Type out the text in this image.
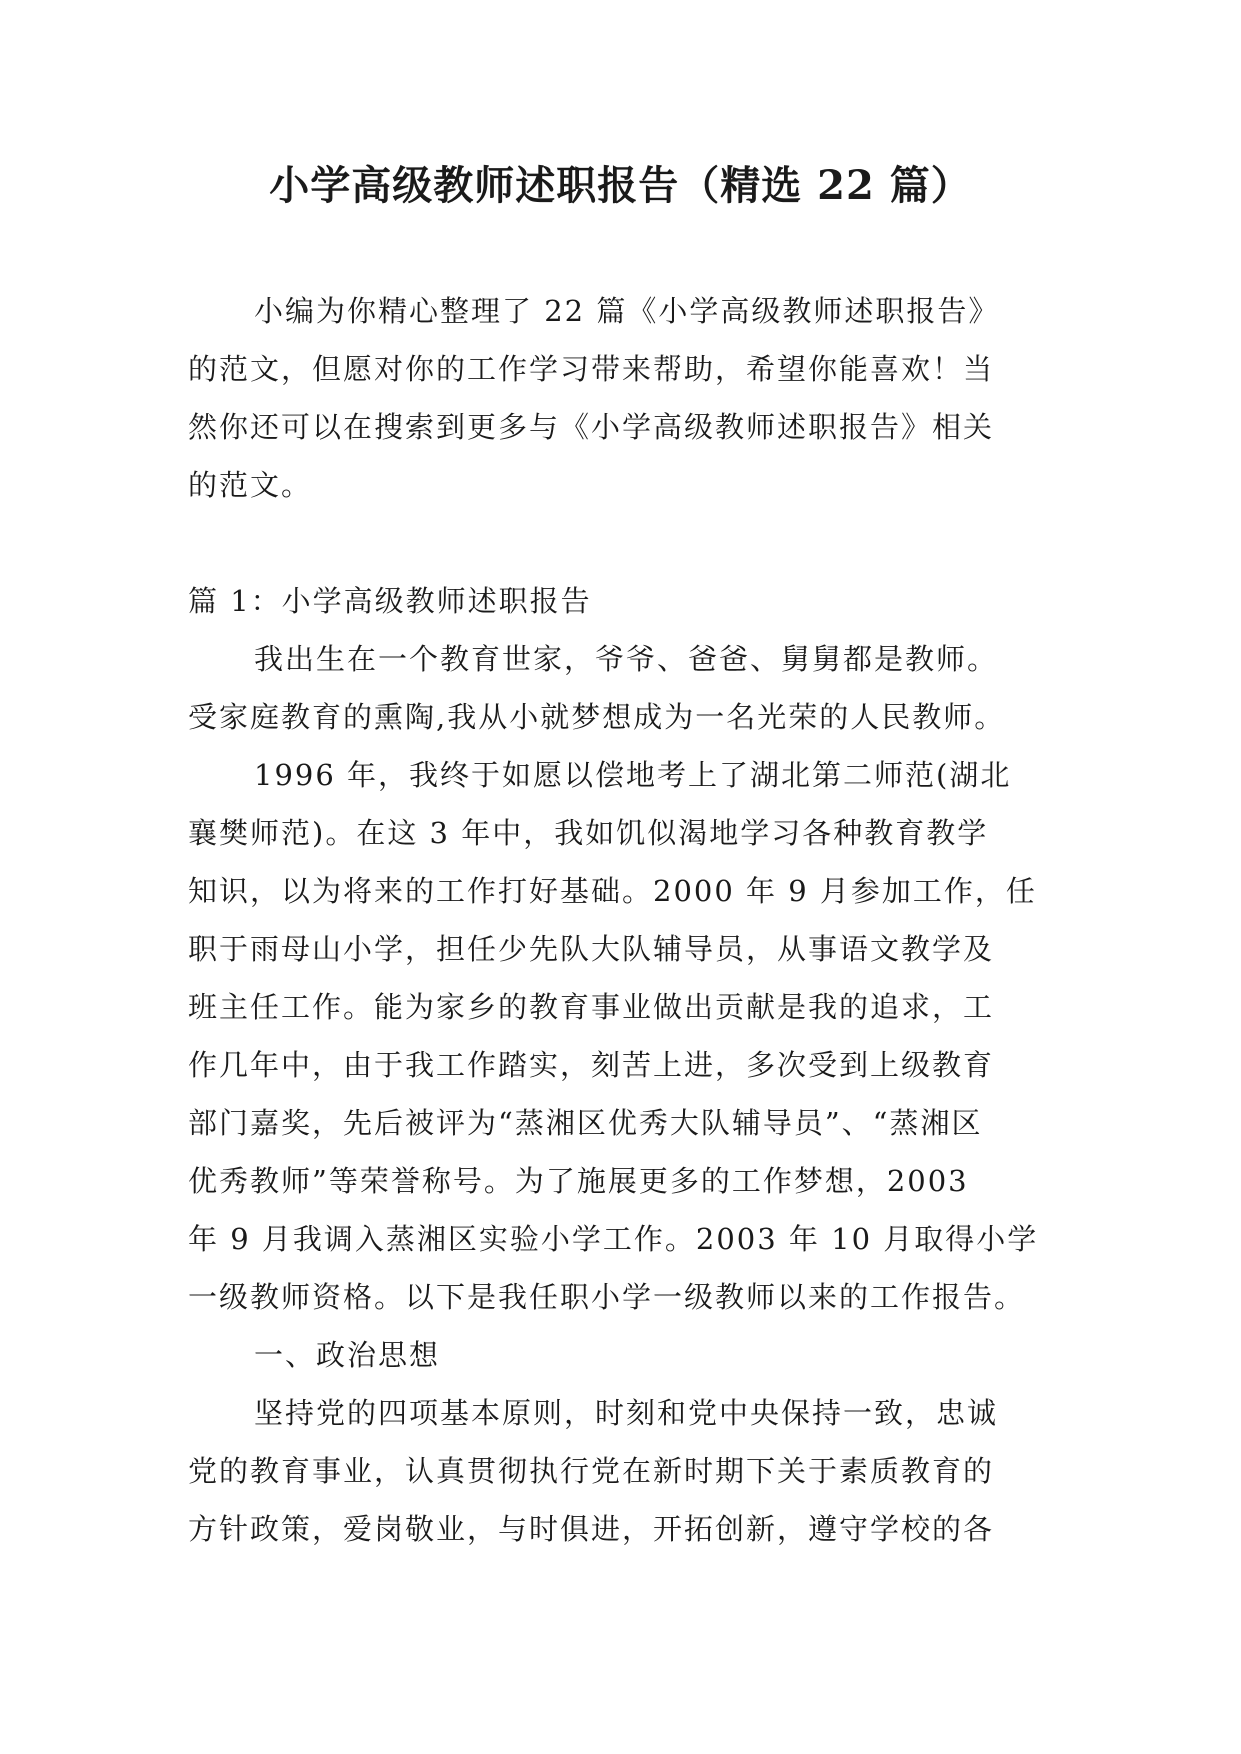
小学高级教师述职报告（精选 22 篇）
小编为你精心整理了 22 篇《小学高级教师述职报告》
的范文，但愿对你的工作学习带来帮助，希望你能喜欢！当
然你还可以在搜索到更多与《小学高级教师述职报告》相关
的范文。
篇 1：小学高级教师述职报告
我出生在一个教育世家，爷爷、爸爸、舅舅都是教师。
受家庭教育的熏陶,我从小就梦想成为一名光荣的人民教师。
1996 年，我终于如愿以偿地考上了湖北第二师范(湖北
襄樊师范)。在这 3 年中，我如饥似渴地学习各种教育教学
知识，以为将来的工作打好基础。2000 年 9 月参加工作，任
职于雨母山小学，担任少先队大队辅导员，从事语文教学及
班主任工作。能为家乡的教育事业做出贡献是我的追求，工
作几年中，由于我工作踏实，刻苦上进，多次受到上级教育
部门嘉奖，先后被评为“蒸湘区优秀大队辅导员”、“蒸湘区
优秀教师”等荣誉称号。为了施展更多的工作梦想，2003
年 9 月我调入蒸湘区实验小学工作。2003 年 10 月取得小学
一级教师资格。以下是我任职小学一级教师以来的工作报告。
一、政治思想
坚持党的四项基本原则，时刻和党中央保持一致，忠诚
党的教育事业，认真贯彻执行党在新时期下关于素质教育的
方针政策，爱岗敬业，与时俱进，开拓创新，遵守学校的各
